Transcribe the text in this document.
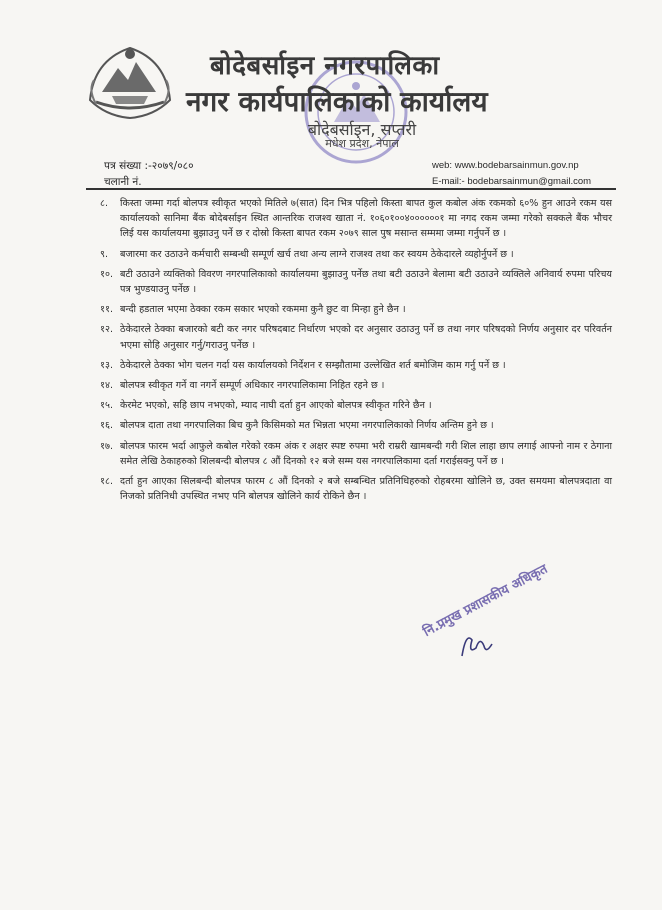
बोदेबर्साइन नगरपालिका
नगर कार्यपालिकाको कार्यालय
बोदेबर्साइन, सप्तरी
मधेश प्रदेश, नेपाल
पत्र संख्या :-२०७९/०८०
चलानी नं.
web: www.bodebarsainmun.gov.np
E-mail:- bodebarsainmun@gmail.com
८.	किस्ता जम्मा गर्दा बोलपत्र स्वीकृत भएको मितिले ७(सात) दिन भित्र पहिलो किस्ता बापत कुल कबोल अंक रकमको ६०% हुन आउने रकम यस कार्यालयको सानिमा बैंक बोदेबर्साइन स्थित आन्तरिक राजश्व खाता नं. १०६०१००४००००००१ मा नगद रकम जम्मा गरेको सक्कले बैंक भौचर लिई यस कार्यालयमा बुझाउनु पर्ने छ र दोस्रो किस्ता बापत रकम २०७९ साल पुष मसान्त सम्ममा जम्मा गर्नुपर्ने छ ।
९.	बजारमा कर उठाउने कर्मचारी सम्बन्धी सम्पूर्ण खर्च तथा अन्य लाग्ने राजश्व तथा कर स्वयम ठेकेदारले व्यहोर्नुपर्ने छ ।
१०. बटी उठाउने व्यक्तिको विवरण नगरपालिकाको कार्यालयमा बुझाउनु पर्नेछ तथा बटी उठाउने बेलामा बटी उठाउने व्यक्तिले अनिवार्य रुपमा परिचय पत्र भुण्डयाउनु पर्नेछ ।
११. बन्दी हडताल भएमा ठेक्का रकम सकार भएको रकममा कुनै छुट वा मिन्हा हुने छैन ।
१२. ठेकेदारले ठेक्का बजारको बटी कर नगर परिषदबाट निर्धारण भएको दर अनुसार उठाउनु पर्ने छ तथा नगर परिषदको निर्णय अनुसार दर परिवर्तन भएमा सोहि अनुसार गर्नु/गराउनु पर्नेछ ।
१३. ठेकेदारले ठेक्का भोग चलन गर्दा यस कार्यालयको निर्देशन र सम्झौतामा उल्लेखित शर्त बमोजिम काम गर्नु पर्ने छ ।
१४. बोलपत्र स्वीकृत गर्ने वा नगर्ने सम्पूर्ण अधिकार नगरपालिकामा निहित रहने छ ।
१५. केरमेट भएको, सहि छाप नभएको, म्याद नाघी दर्ता हुन आएको बोलपत्र स्वीकृत गरिने छैन ।
१६. बोलपत्र दाता तथा नगरपालिका बिच कुनै किसिमको मत भिन्नता भएमा नगरपालिकाको निर्णय अन्तिम हुने छ ।
१७. बोलपत्र फारम भर्दा आफुले कबोल गरेको रकम अंक र अक्षर स्पष्ट रुपमा भरी राम्ररी खामबन्दी गरी शिल लाहा छाप लगाई आफ्नो नाम र ठेगाना समेत लेखि ठेकाहरुको शिलबन्दी बोलपत्र ८ औं दिनको १२ बजे सम्म यस नगरपालिकामा दर्ता गराईसक्नु पर्ने छ ।
१८. दर्ता हुन आएका सिलबन्दी बोलपत्र फारम ८ औं दिनको २ बजे सम्बन्धित प्रतिनिधिहरुको रोहबरमा खोलिने छ, उक्त समयमा बोलपत्रदाता वा निजको प्रतिनिधी उपस्थित नभए पनि बोलपत्र खोलिने कार्य रोकिने छैन ।
नि.प्रमुख प्रशासकीय अधिकृत
